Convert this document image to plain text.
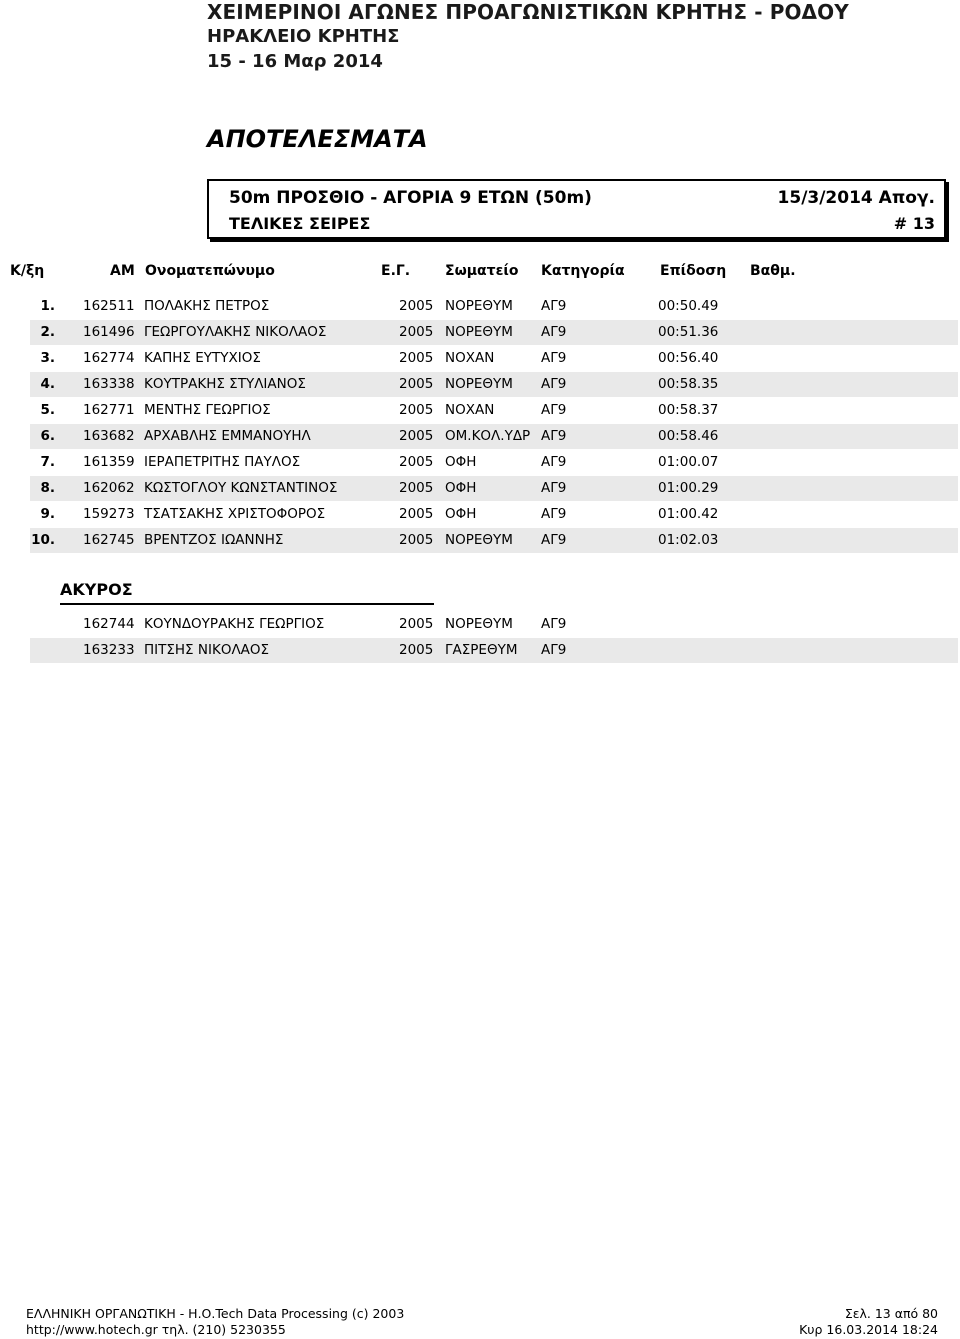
ΧΕΙΜΕΡΙΝΟΙ ΑΓΩΝΕΣ ΠΡΟΑΓΩΝΙΣΤΙΚΩΝ ΚΡΗΤΗΣ - ΡΟΔΟΥ
ΗΡΑΚΛΕΙΟ ΚΡΗΤΗΣ
15 - 16 Μαρ 2014
ΑΠΟΤΕΛΕΣΜΑΤΑ
50m ΠΡΟΣΘΙΟ - ΑΓΟΡΙΑ 9 ΕΤΩΝ (50m)	15/3/2014 Απογ.
ΤΕΛΙΚΕΣ ΣΕΙΡΕΣ	# 13
Κ/ξη	ΑΜ Ονοματεπώνυμο	Ε.Γ. Σωματείο Κατηγορία	Επίδοση Βαθμ.
1. 162511 ΠΟΛΑΚΗΣ ΠΕΤΡΟΣ	2005 ΝΟΡΕΘΥΜ ΑΓ9	00:50.49
2. 161496 ΓΕΩΡΓΟΥΛΑΚΗΣ ΝΙΚΟΛΑΟΣ	2005 ΝΟΡΕΘΥΜ ΑΓ9	00:51.36
3. 162774 ΚΑΠΗΣ ΕΥΤΥΧΙΟΣ	2005 ΝΟΧΑΝ	ΑΓ9	00:56.40
4. 163338 ΚΟΥΤΡΑΚΗΣ ΣΤΥΛΙΑΝΟΣ	2005 ΝΟΡΕΘΥΜ ΑΓ9	00:58.35
5. 162771 ΜΕΝΤΗΣ ΓΕΩΡΓΙΟΣ	2005 ΝΟΧΑΝ	ΑΓ9	00:58.37
6. 163682 ΑΡΧΑΒΛΗΣ ΕΜΜΑΝΟΥΗΛ	2005 ΟΜ.ΚΟΛ.ΥΔΡ ΑΓ9	00:58.46
7. 161359 ΙΕΡΑΠΕΤΡΙΤΗΣ ΠΑΥΛΟΣ	2005 ΟΦΗ	ΑΓ9	01:00.07
8. 162062 ΚΩΣΤΟΓΛΟΥ ΚΩΝΣΤΑΝΤΙΝΟΣ	2005 ΟΦΗ	ΑΓ9	01:00.29
9. 159273 ΤΣΑΤΣΑΚΗΣ ΧΡΙΣΤΟΦΟΡΟΣ	2005 ΟΦΗ	ΑΓ9	01:00.42
10. 162745 ΒΡΕΝΤΖΟΣ ΙΩΑΝΝΗΣ	2005 ΝΟΡΕΘΥΜ ΑΓ9	01:02.03
ΑΚΥΡΟΣ
162744 ΚΟΥΝΔΟΥΡΑΚΗΣ ΓΕΩΡΓΙΟΣ	2005 ΝΟΡΕΘΥΜ ΑΓ9
163233 ΠΙΤΣΗΣ ΝΙΚΟΛΑΟΣ	2005 ΓΑΣΡΕΘΥΜ ΑΓ9
ΕΛΛΗΝΙΚΗ ΟΡΓΑΝΩΤΙΚΗ - Η.Ο.Tech Data Processing (c) 2003
http://www.hotech.gr τηλ. (210) 5230355
Σελ. 13 από 80
Κυρ 16.03.2014 18:24
